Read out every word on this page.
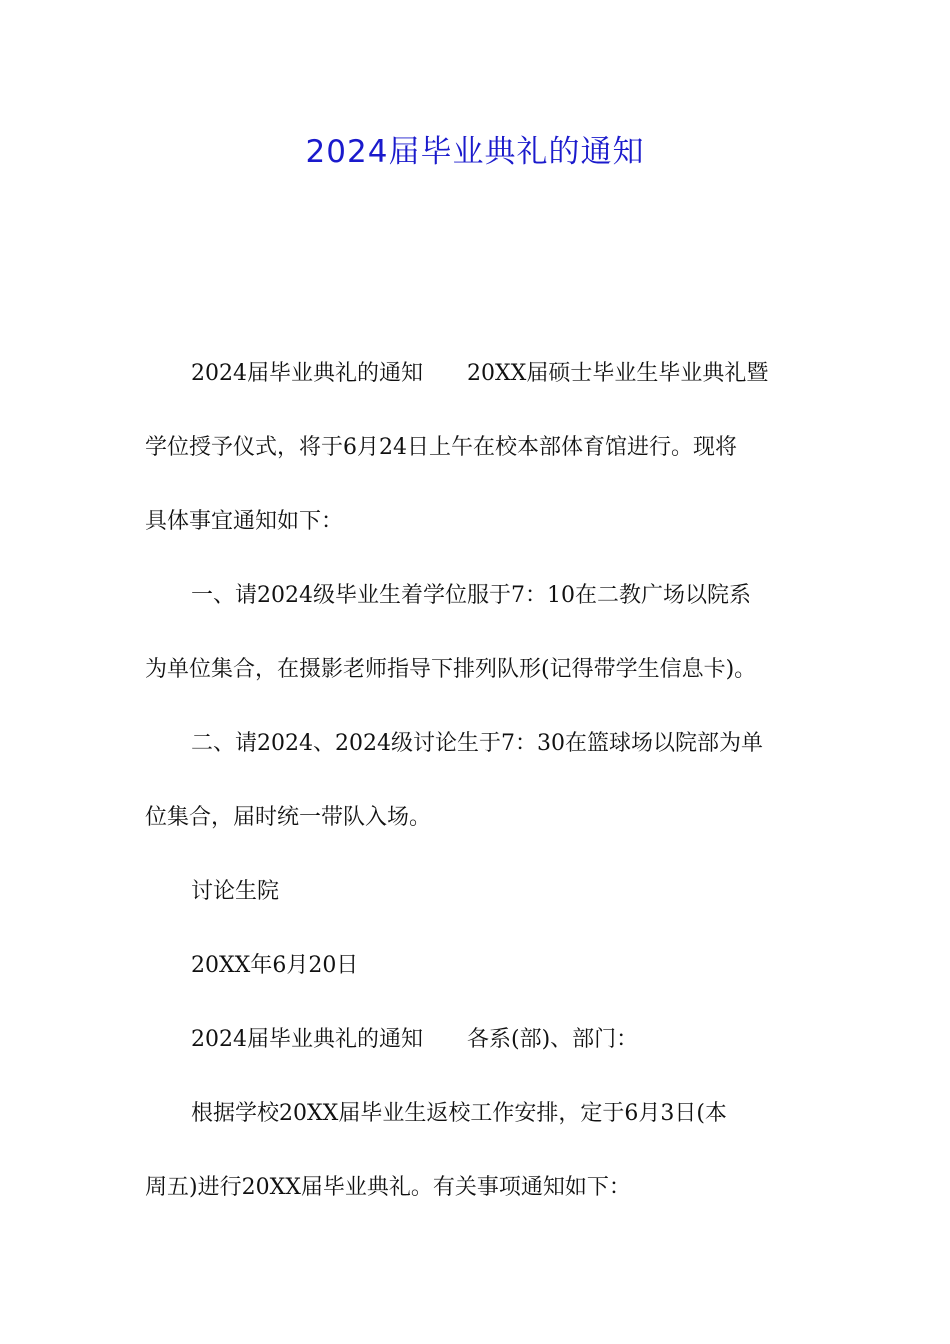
2024届毕业典礼的通知
2024届毕业典礼的通知 20XX届硕士毕业生毕业典礼暨
学位授予仪式，将于6月24日上午在校本部体育馆进行。现将
具体事宜通知如下：
一、请2024级毕业生着学位服于7：10在二教广场以院系
为单位集合，在摄影老师指导下排列队形(记得带学生信息卡)。
二、请2024、2024级讨论生于7：30在篮球场以院部为单
位集合，届时统一带队入场。
讨论生院
20XX年6月20日
2024届毕业典礼的通知 各系(部)、部门：
根据学校20XX届毕业生返校工作安排，定于6月3日(本
周五)进行20XX届毕业典礼。有关事项通知如下：
